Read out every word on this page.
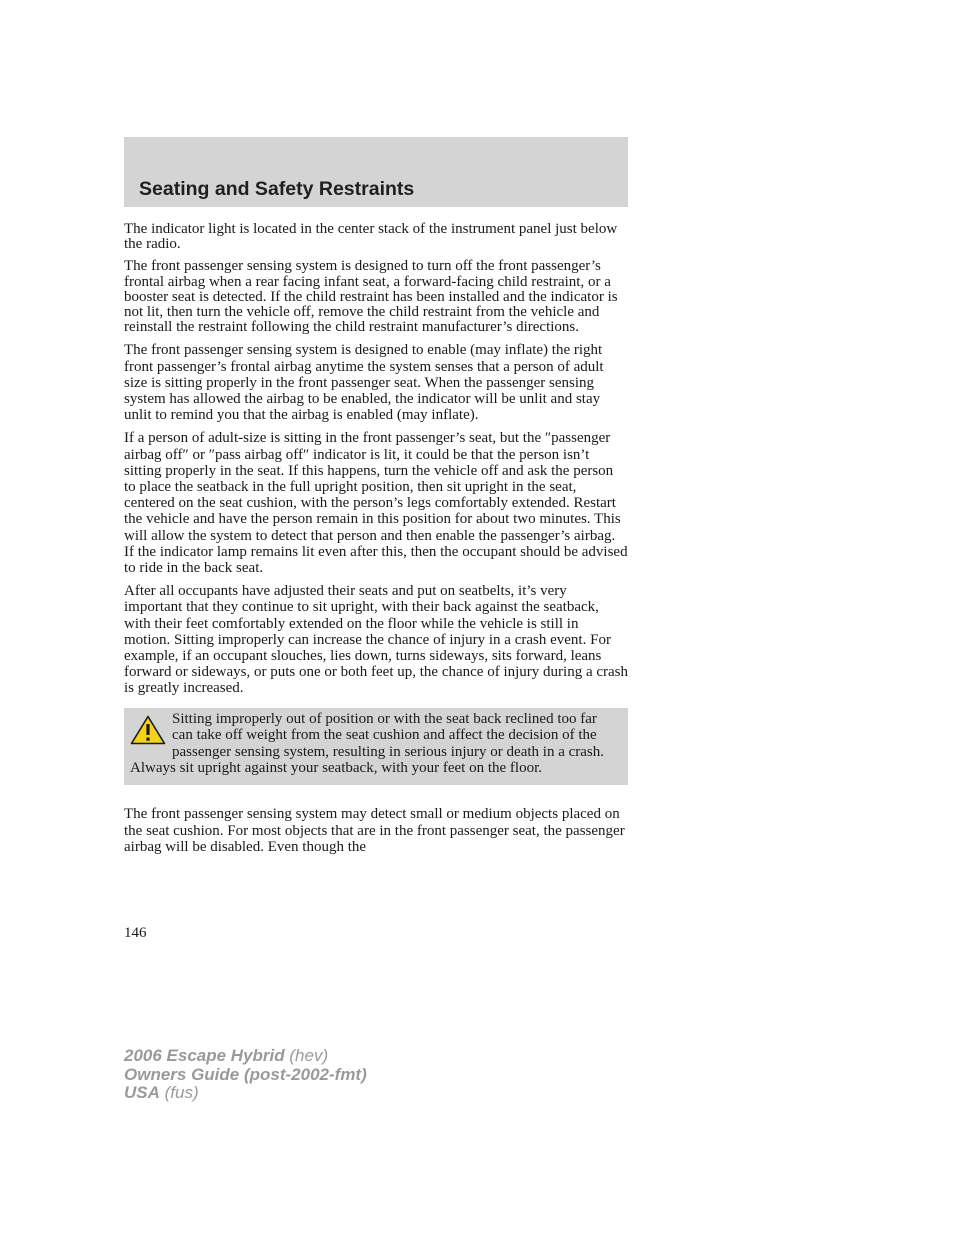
Seating and Safety Restraints

The indicator light is located in the center stack of the instrument panel just below the radio.

The front passenger sensing system is designed to turn off the front passenger’s frontal airbag when a rear facing infant seat, a forward-facing child restraint, or a booster seat is detected. If the child restraint has been installed and the indicator is not lit, then turn the vehicle off, remove the child restraint from the vehicle and reinstall the restraint following the child restraint manufacturer’s directions.

The front passenger sensing system is designed to enable (may inflate) the right front passenger’s frontal airbag anytime the system senses that a person of adult size is sitting properly in the front passenger seat. When the passenger sensing system has allowed the airbag to be enabled, the indicator will be unlit and stay unlit to remind you that the airbag is enabled (may inflate).

If a person of adult-size is sitting in the front passenger’s seat, but the ″passenger airbag off″ or ″pass airbag off″ indicator is lit, it could be that the person isn’t sitting properly in the seat. If this happens, turn the vehicle off and ask the person to place the seatback in the full upright position, then sit upright in the seat, centered on the seat cushion, with the person’s legs comfortably extended. Restart the vehicle and have the person remain in this position for about two minutes. This will allow the system to detect that person and then enable the passenger’s airbag. If the indicator lamp remains lit even after this, then the occupant should be advised to ride in the back seat.

After all occupants have adjusted their seats and put on seatbelts, it’s very important that they continue to sit upright, with their back against the seatback, with their feet comfortably extended on the floor while the vehicle is still in motion. Sitting improperly can increase the chance of injury in a crash event. For example, if an occupant slouches, lies down, turns sideways, sits forward, leans forward or sideways, or puts one or both feet up, the chance of injury during a crash is greatly increased.

Sitting improperly out of position or with the seat back reclined too far can take off weight from the seat cushion and affect the decision of the passenger sensing system, resulting in serious injury or death in a crash. Always sit upright against your seatback, with your feet on the floor.

The front passenger sensing system may detect small or medium objects placed on the seat cushion. For most objects that are in the front passenger seat, the passenger airbag will be disabled. Even though the

146

2006 Escape Hybrid (hev)
Owners Guide (post-2002-fmt)
USA (fus)
